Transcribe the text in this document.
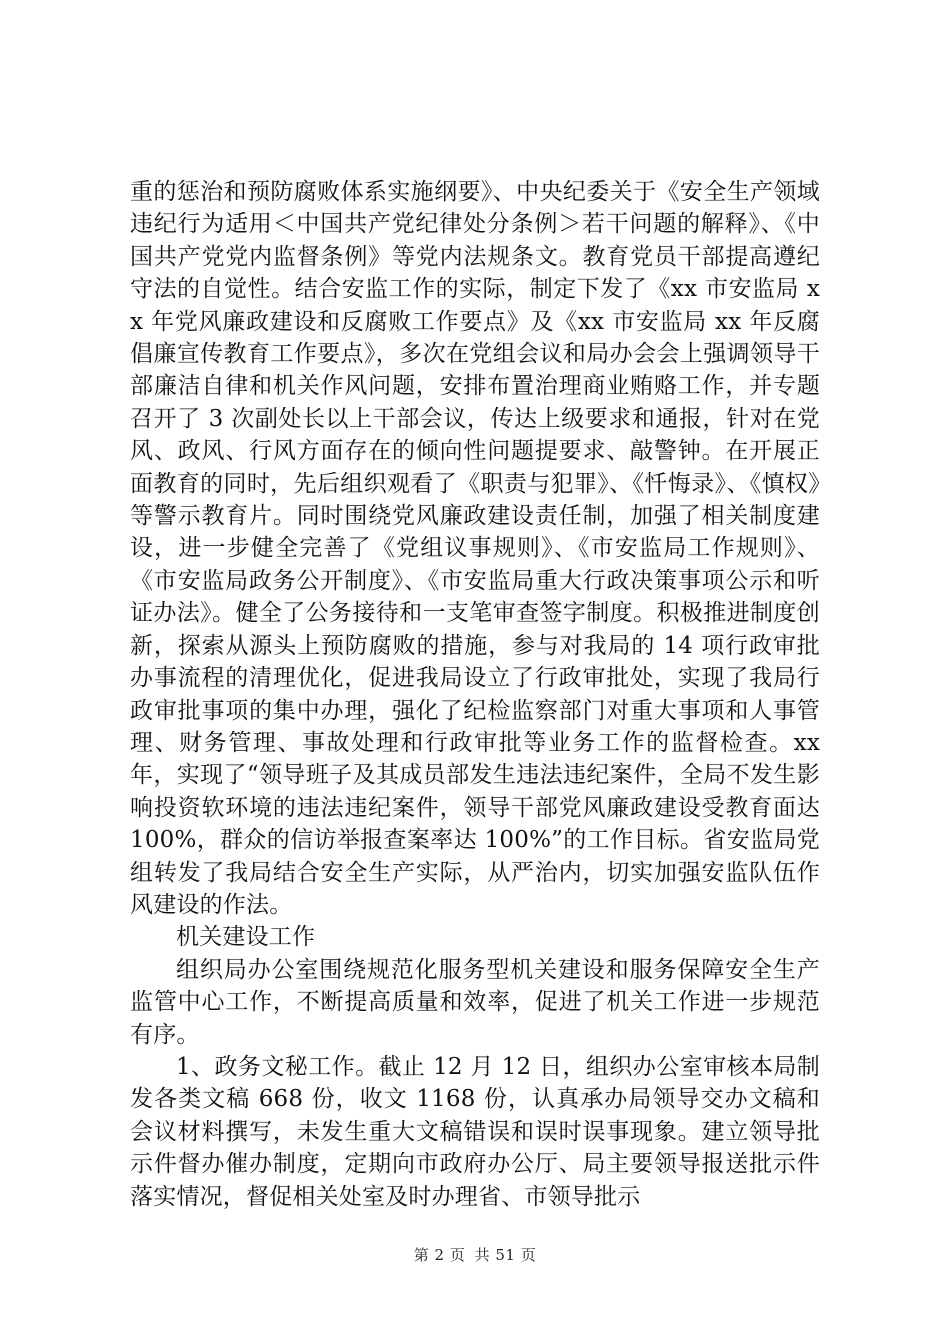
重的惩治和预防腐败体系实施纲要》、中央纪委关于《安全生产领域违纪行为适用＜中国共产党纪律处分条例＞若干问题的解释》、《中国共产党党内监督条例》等党内法规条文。教育党员干部提高遵纪守法的自觉性。结合安监工作的实际，制定下发了《xx 市安监局 xx 年党风廉政建设和反腐败工作要点》及《xx 市安监局 xx 年反腐倡廉宣传教育工作要点》，多次在党组会议和局办会会上强调领导干部廉洁自律和机关作风问题，安排布置治理商业贿赂工作，并专题召开了 3 次副处长以上干部会议，传达上级要求和通报，针对在党风、政风、行风方面存在的倾向性问题提要求、敲警钟。在开展正面教育的同时，先后组织观看了《职责与犯罪》、《忏悔录》、《慎权》等警示教育片。同时围绕党风廉政建设责任制，加强了相关制度建设，进一步健全完善了《党组议事规则》、《市安监局工作规则》、《市安监局政务公开制度》、《市安监局重大行政决策事项公示和听证办法》。健全了公务接待和一支笔审查签字制度。积极推进制度创新，探索从源头上预防腐败的措施，参与对我局的 14 项行政审批办事流程的清理优化，促进我局设立了行政审批处，实现了我局行政审批事项的集中办理，强化了纪检监察部门对重大事项和人事管理、财务管理、事故处理和行政审批等业务工作的监督检查。xx 年，实现了“领导班子及其成员部发生违法违纪案件，全局不发生影响投资软环境的违法违纪案件，领导干部党风廉政建设受教育面达 100%，群众的信访举报查案率达 100%”的工作目标。省安监局党组转发了我局结合安全生产实际，从严治内，切实加强安监队伍作风建设的作法。

机关建设工作

组织局办公室围绕规范化服务型机关建设和服务保障安全生产监管中心工作，不断提高质量和效率，促进了机关工作进一步规范有序。

1、政务文秘工作。截止 12 月 12 日，组织办公室审核本局制发各类文稿 668 份，收文 1168 份，认真承办局领导交办文稿和会议材料撰写，未发生重大文稿错误和误时误事现象。建立领导批示件督办催办制度，定期向市政府办公厅、局主要领导报送批示件落实情况，督促相关处室及时办理省、市领导批示

第 2 页 共 51 页
